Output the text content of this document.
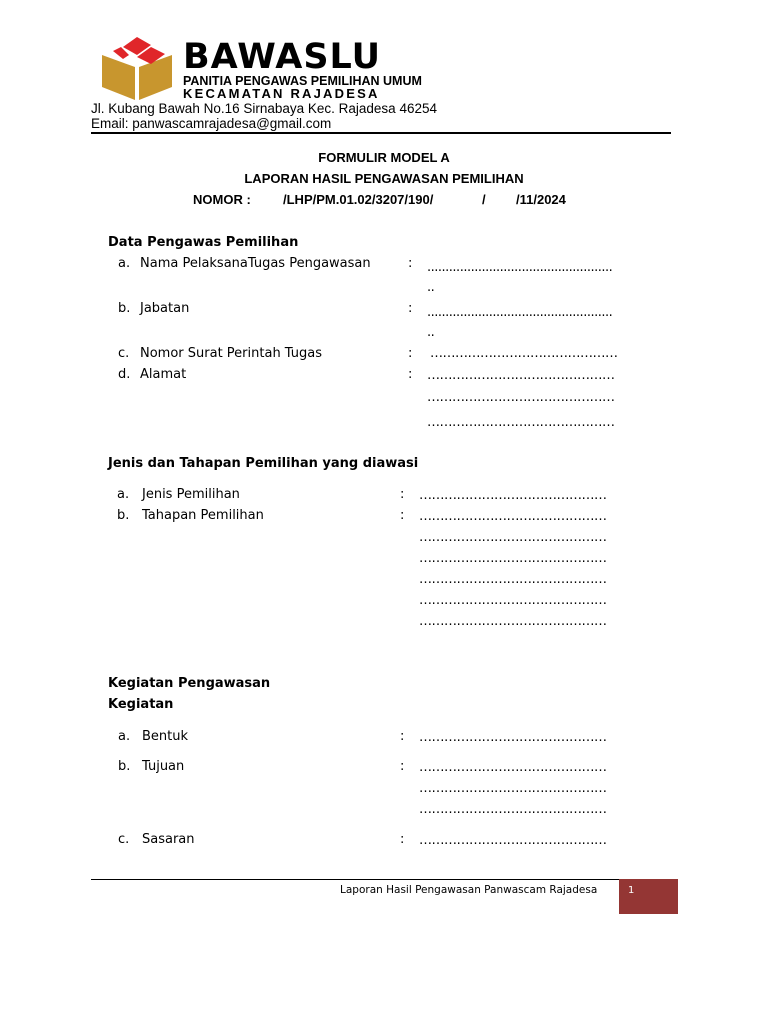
BAWASLU
PANITIA PENGAWAS PEMILIHAN UMUM
KECAMATAN RAJADESA
Jl. Kubang Bawah No.16 Sirnabaya Kec. Rajadesa 46254
Email: panwascamrajadesa@gmail.com
FORMULIR MODEL A
LAPORAN HASIL PENGAWASAN PEMILIHAN
NOMOR : /LHP/PM.01.02/3207/190/	/ /11/2024
Data Pengawas Pemilihan
a. Nama PelaksanaTugas Pengawasan	: ...................................................
..
b. Jabatan	: ...................................................
..
c. Nomor Surat Perintah Tugas	: ………………………………………
d. Alamat	: ………………………………………
………………………………………
………………………………………
Jenis dan Tahapan Pemilihan yang diawasi
a. Jenis Pemilihan	: ………………………………………
b. Tahapan Pemilihan	: ………………………………………
………………………………………
………………………………………
………………………………………
………………………………………
………………………………………
Kegiatan Pengawasan
Kegiatan
a. Bentuk	: ………………………………………
b. Tujuan	: ………………………………………
………………………………………
………………………………………
c. Sasaran	: ………………………………………
Laporan Hasil Pengawasan Panwascam Rajadesa	1
